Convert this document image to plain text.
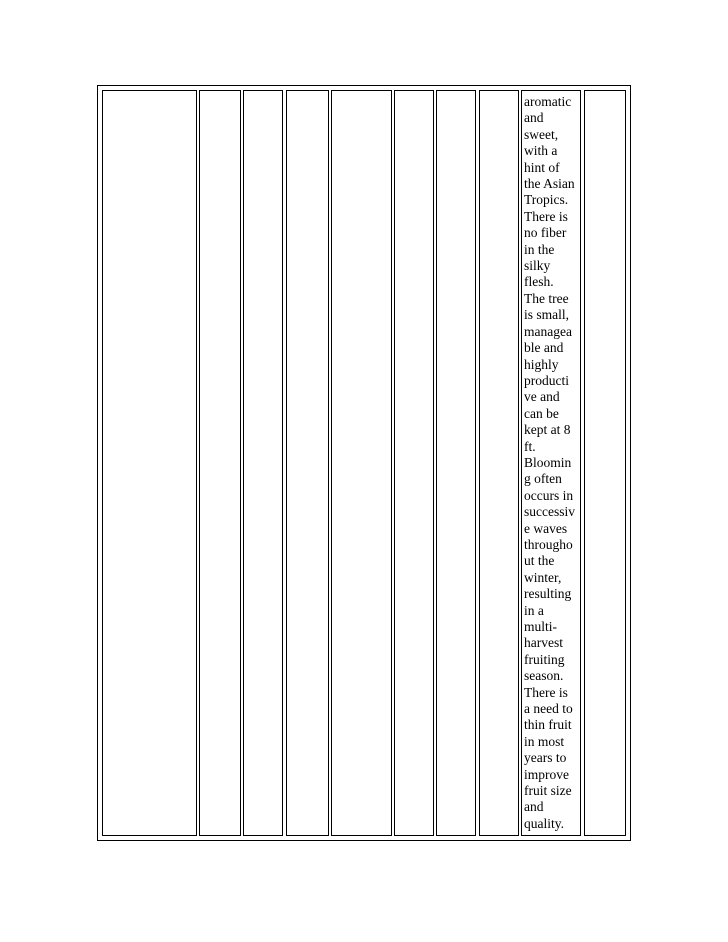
aromatic
and
sweet,
with a
hint of
the Asian
Tropics.
There is
no fiber
in the
silky
flesh.
The tree
is small,
managea
ble and
highly
producti
ve and
can be
kept at 8
ft.
Bloomin
g often
occurs in
successiv
e waves
througho
ut the
winter,
resulting
in a
multi-
harvest
fruiting
season.
There is
a need to
thin fruit
in most
years to
improve
fruit size
and
quality.
